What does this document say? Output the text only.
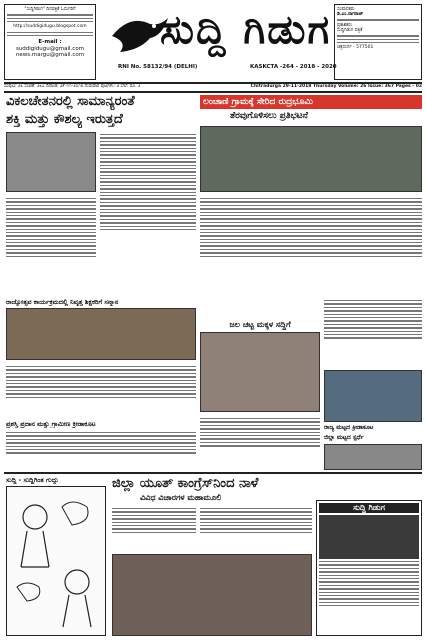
"ಸುದ್ದಿಗಿಡುಗ" ದಿನಪತ್ರಿಕೆ ಓದುಗರಿಗೆ
http://suddigidugu.blogspot.com
E-mail :
suddigidugu@gmail.com
news.margu@gmail.com
ಸುದ್ದಿ ಗಿಡುಗ ಸಂಪಾದಕರು
ಡಿ.ಎಂ.ನಾಗರಾಜ್
ಪ್ರಕಾಶಕರು
ಸುದ್ದಿಗಿಡುಗ ಪತ್ರಿಕೆ
ಚಿತ್ರದುರ್ಗ - 577501
RNI No. 58132/94 (DELHI)	KASKCTA -264 - 2018 - 2020
ಸಂಪುಟ: ೨೬ ಸಂಚಿಕೆ: ೨೬೭ ದಿನಾಂಕ: ೨೯-೧೧-೨೦೧೮ ಗುರುವಾರ ಪುಟಗಳು: ೨ ಬೆಲೆ: ರೂ. ೨	Chitradurga 29-11-2018 Thursday Volume: 26 Issue: 367 Pages - 02
ವಿಕಲಚೇತನರಲ್ಲಿ ಸಾಮಾನ್ಯರಂತೆ
ಶಕ್ತಿ ಮತ್ತು ಕೌಶಲ್ಯ ಇರುತ್ತದೆ
ಲಂಚಾಣಿ ಗ್ರಾಮಕ್ಕೆ ಸೇರಿದ ರುದ್ರಭೂಮಿ
ತೆರವುಗೊಳಿಸಲು ಪ್ರತಿಭಟನೆ
ರಾಜ್ಯೋತ್ಸವ ಕಾರ್ಯಕ್ರಮದಲ್ಲಿ ನಿವೃತ್ತ ಶಿಕ್ಷಕರಿಗೆ ಸನ್ಮಾನ
ಜಲ ಚಟ್ಟ ಮಕ್ಕಳ ಸದ್ದಿಗೆ
ರಾಜ್ಯ ಮಟ್ಟದ ಕ್ರೀಡಾಕೂಟ
ಪ್ರಶಸ್ತಿ ಪ್ರದಾನ ಮತ್ತು ಗ್ರಾಮೀಣ ಕ್ರೀಡಾಕೂಟ
ಜಿಲ್ಲಾ ಮಟ್ಟದ ಸ್ಪರ್ಧೆ
ಸುದ್ದಿ - ಸುದ್ದಿಗಿಂತ ಗುದ್ದು	ಜಿಲ್ಲಾ ಯೂತ್ ಕಾಂಗ್ರೆಸ್‌ನಿಂದ ನಾಳೆ
ವಿವಿಧ ವಿಚಾರಗಳ ಮಹಾಮೂಲಿ
ಸುದ್ದಿ ಗಿಡುಗ
